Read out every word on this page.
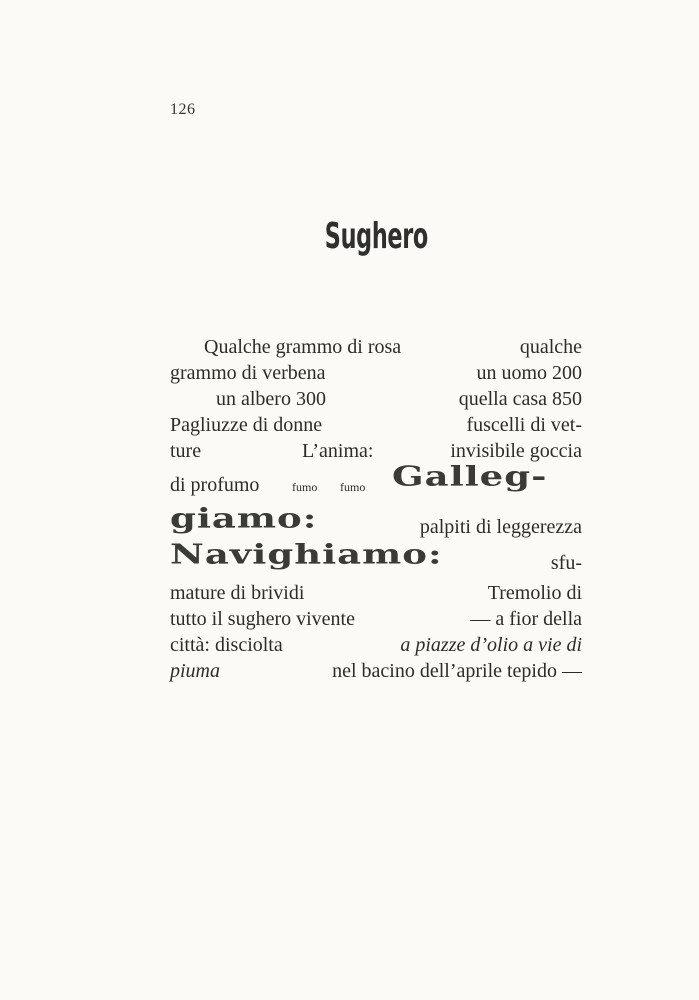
126
Sughero
Qualche grammo di rosa	qualche
grammo di verbena	un uomo 200
un albero 300	quella casa 850
Pagliuzze di donne	fuscelli di vet-
ture	L’anima:	invisibile goccia
di profumo	fumo fumo Galleg-
giamo:	palpiti di leggerezza
Navighiamo:	sfu-
mature di brividi	Tremolio di
tutto il sughero vivente	— a fior della
città: disciolta	a piazze d’olio a vie di
piuma	nel bacino dell’aprile tepido —
